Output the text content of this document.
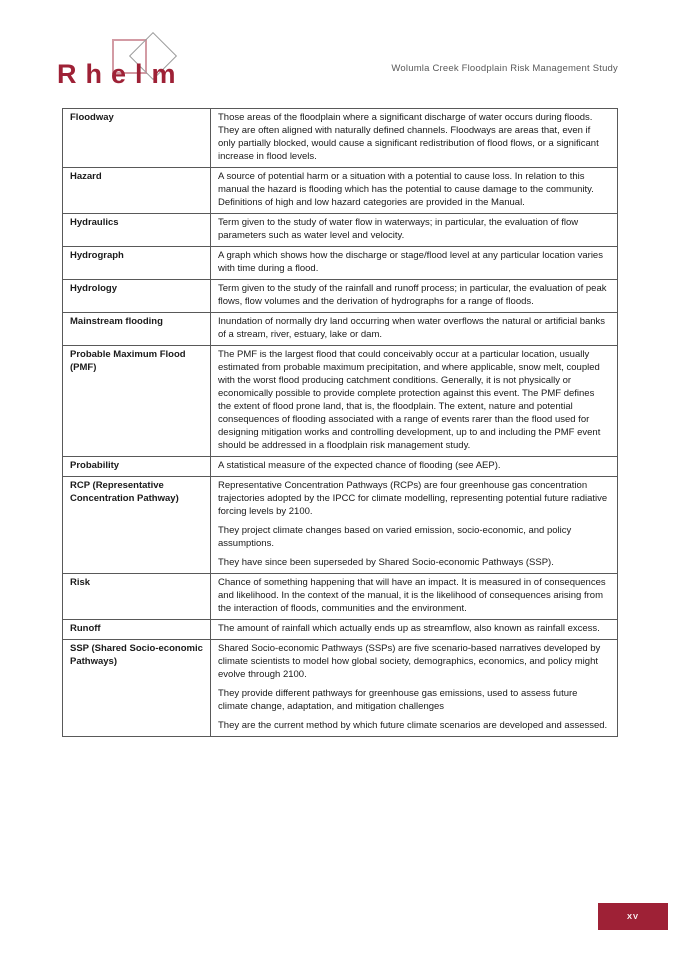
Rhelm	Wolumla Creek Floodplain Risk Management Study
Floodway	Those areas of the floodplain where a significant discharge of water occurs during floods. They are often aligned with naturally defined channels. Floodways are areas that, even if only partially blocked, would cause a significant redistribution of flood flows, or a significant increase in flood levels.

Hazard	A source of potential harm or a situation with a potential to cause loss. In relation to this manual the hazard is flooding which has the potential to cause damage to the community. Definitions of high and low hazard categories are provided in the Manual.

Hydraulics	Term given to the study of water flow in waterways; in particular, the evaluation of flow parameters such as water level and velocity.

Hydrograph	A graph which shows how the discharge or stage/flood level at any particular location varies with time during a flood.

Hydrology	Term given to the study of the rainfall and runoff process; in particular, the evaluation of peak flows, flow volumes and the derivation of hydrographs for a range of floods.

Mainstream flooding	Inundation of normally dry land occurring when water overflows the natural or artificial banks of a stream, river, estuary, lake or dam.

Probable Maximum Flood (PMF)	The PMF is the largest flood that could conceivably occur at a particular location, usually estimated from probable maximum precipitation, and where applicable, snow melt, coupled with the worst flood producing catchment conditions. Generally, it is not physically or economically possible to provide complete protection against this event. The PMF defines the extent of flood prone land, that is, the floodplain. The extent, nature and potential consequences of flooding associated with a range of events rarer than the flood used for designing mitigation works and controlling development, up to and including the PMF event should be addressed in a floodplain risk management study.

Probability	A statistical measure of the expected chance of flooding (see AEP).

RCP (Representative Concentration Pathway)	Representative Concentration Pathways (RCPs) are four greenhouse gas concentration trajectories adopted by the IPCC for climate modelling, representing potential future radiative forcing levels by 2100.

They project climate changes based on varied emission, socio-economic, and policy assumptions.

They have since been superseded by Shared Socio-economic Pathways (SSP).

Risk	Chance of something happening that will have an impact. It is measured in of consequences and likelihood. In the context of the manual, it is the likelihood of consequences arising from the interaction of floods, communities and the environment.

Runoff	The amount of rainfall which actually ends up as streamflow, also known as rainfall excess.

SSP (Shared Socio-economic Pathways)	Shared Socio-economic Pathways (SSPs) are five scenario-based narratives developed by climate scientists to model how global society, demographics, economics, and policy might evolve through 2100.

They provide different pathways for greenhouse gas emissions, used to assess future climate change, adaptation, and mitigation challenges

They are the current method by which future climate scenarios are developed and assessed.

XV
